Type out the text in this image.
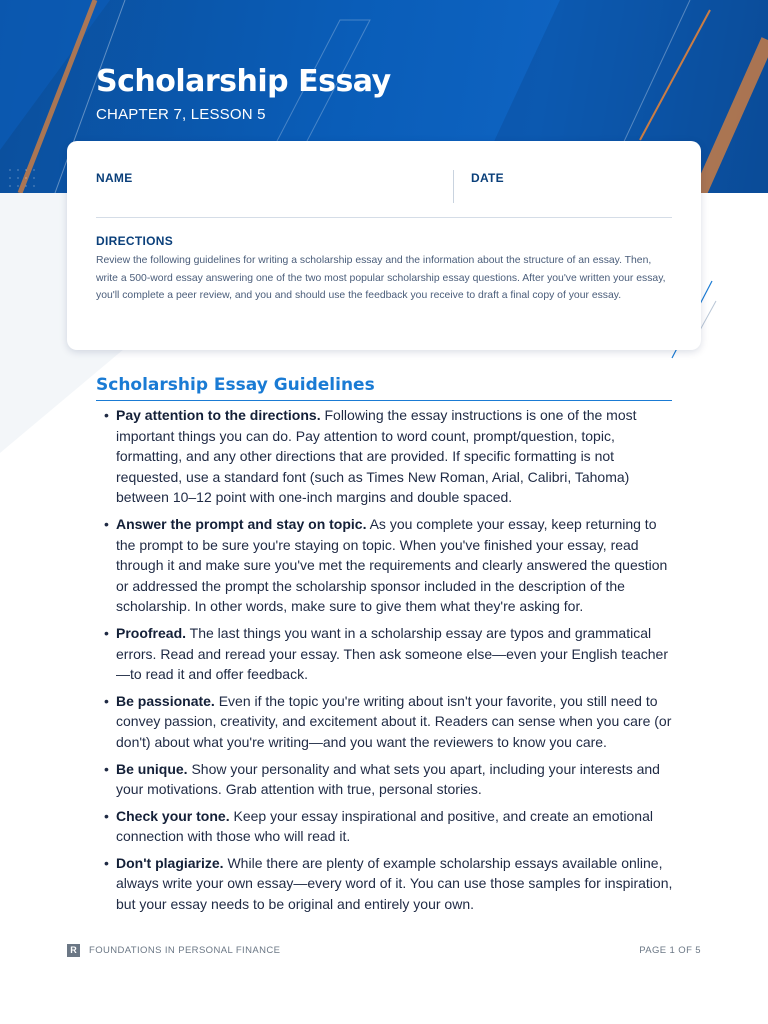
Scholarship Essay
CHAPTER 7, LESSON 5
NAME	DATE
DIRECTIONS

Review the following guidelines for writing a scholarship essay and the information about the structure of an essay. Then, write a 500-word essay answering one of the two most popular scholarship essay questions. After you've written your essay, you'll complete a peer review, and you and should use the feedback you receive to draft a final copy of your essay.

Scholarship Essay Guidelines
• Pay attention to the directions. Following the essay instructions is one of the most important things you can do. Pay attention to word count, prompt/question, topic, formatting, and any other directions that are provided. If specific formatting is not requested, use a standard font (such as Times New Roman, Arial, Calibri, Tahoma) between 10–12 point with one-inch margins and double spaced.
• Answer the prompt and stay on topic. As you complete your essay, keep returning to the prompt to be sure you're staying on topic. When you've finished your essay, read through it and make sure you've met the requirements and clearly answered the question or addressed the prompt the scholarship sponsor included in the description of the scholarship. In other words, make sure to give them what they're asking for.
• Proofread. The last things you want in a scholarship essay are typos and grammatical errors. Read and reread your essay. Then ask someone else—even your English teacher—to read it and offer feedback.
• Be passionate. Even if the topic you're writing about isn't your favorite, you still need to convey passion, creativity, and excitement about it. Readers can sense when you care (or don't) about what you're writing—and you want the reviewers to know you care.
• Be unique. Show your personality and what sets you apart, including your interests and your motivations. Grab attention with true, personal stories.
• Check your tone. Keep your essay inspirational and positive, and create an emotional connection with those who will read it.
• Don't plagiarize. While there are plenty of example scholarship essays available online, always write your own essay—every word of it. You can use those samples for inspiration, but your essay needs to be original and entirely your own.
R	FOUNDATIONS IN PERSONAL FINANCE	PAGE 1 OF 5
